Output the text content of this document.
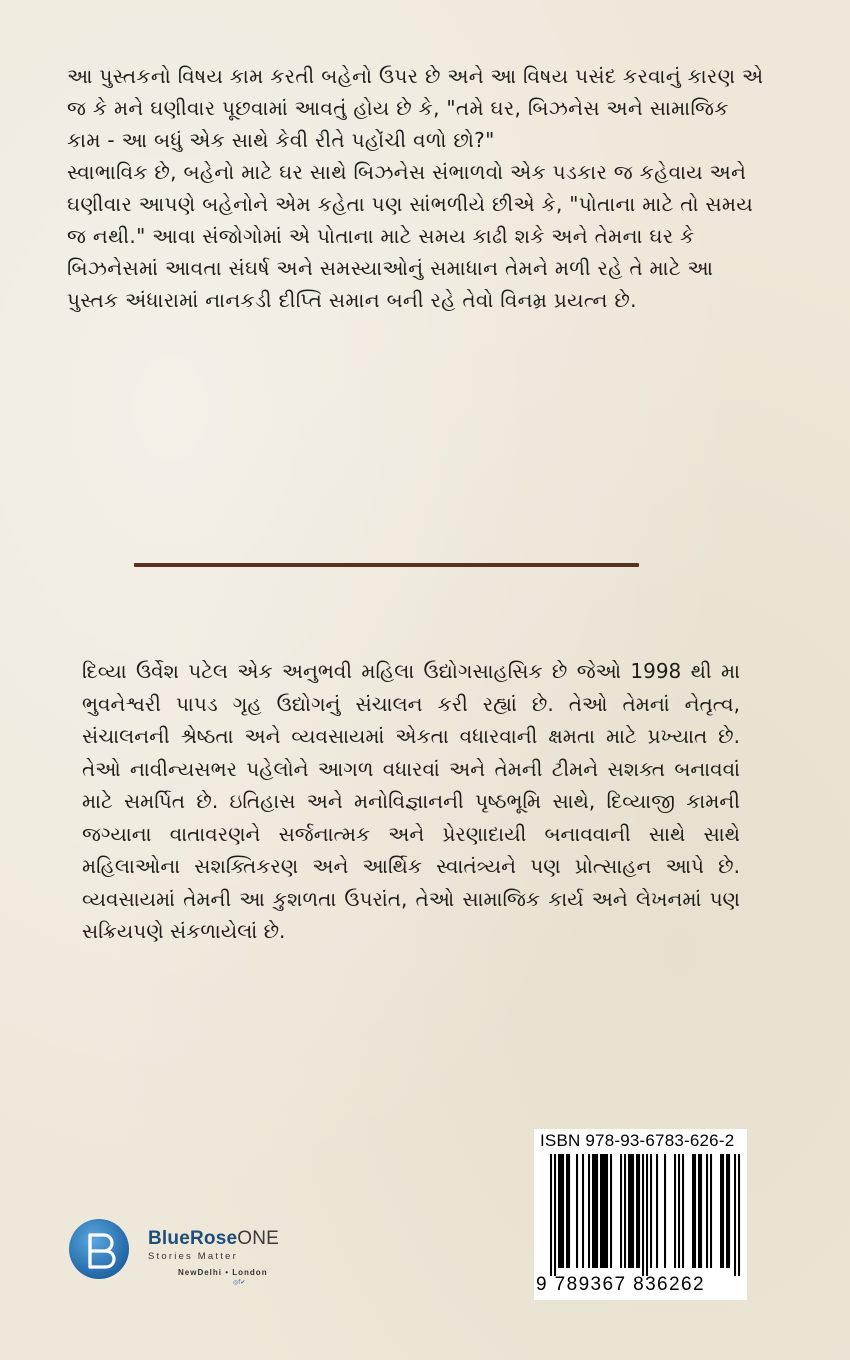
આ પુસ્તકનો વિષય કામ કરતી બહેનો ઉપર છે અને આ વિષય પસંદ કરવાનું કારણ એ જ કે મને ઘણીવાર પૂછવામાં આવતું હોય છે કે, "તમે ઘર, બિઝનેસ અને સામાજિક કામ - આ બધું એક સાથે કેવી રીતે પહોંચી વળો છો?"
સ્વાભાવિક છે, બહેનો માટે ઘર સાથે બિઝનેસ સંભાળવો એક પડકાર જ કહેવાય અને ઘણીવાર આપણે બહેનોને એમ કહેતા પણ સાંભળીયે છીએ કે, "પોતાના માટે તો સમય જ નથી." આવા સંજોગોમાં એ પોતાના માટે સમય કાઢી શકે અને તેમના ઘર કે બિઝનેસમાં આવતા સંઘર્ષ અને સમસ્યાઓનું સમાધાન તેમને મળી રહે તે માટે આ પુસ્તક અંધારામાં નાનકડી દીપ્તિ સમાન બની રહે તેવો વિનમ્ર પ્રયત્ન છે.

દિવ્યા ઉર્વેશ પટેલ એક અનુભવી મહિલા ઉદ્યોગસાહસિક છે જેઓ 1998 થી મા ભુવનેશ્વરી પાપડ ગૃહ ઉદ્યોગનું સંચાલન કરી રહ્યાં છે. તેઓ તેમનાં નેતૃત્વ, સંચાલનની શ્રેષ્ઠતા અને વ્યવસાયમાં એકતા વધારવાની ક્ષમતા માટે પ્રખ્યાત છે. તેઓ નાવીન્યસભર પહેલોને આગળ વધારવાં અને તેમની ટીમને સશક્ત બનાવવાં માટે સમર્પિત છે. ઇતિહાસ અને મનોવિજ્ઞાનની પૃષ્ઠભૂમિ સાથે, દિવ્યાજી કામની જગ્યાના વાતાવરણને સર્જનાત્મક અને પ્રેરણાદાયી બનાવવાની સાથે સાથે મહિલાઓના સશક્તિકરણ અને આર્થિક સ્વાતંત્ર્યને પણ પ્રોત્સાહન આપે છે. વ્યવસાયમાં તેમની આ કુશળતા ઉપરાંત, તેઓ સામાજિક કાર્ય અને લેખનમાં પણ સક્રિયપણે સંકળાયેલાં છે.

ISBN 978-93-6783-626-2
9 789367 836262
BlueRoseONE
Stories Matter
NewDelhi • London
◎f✔
